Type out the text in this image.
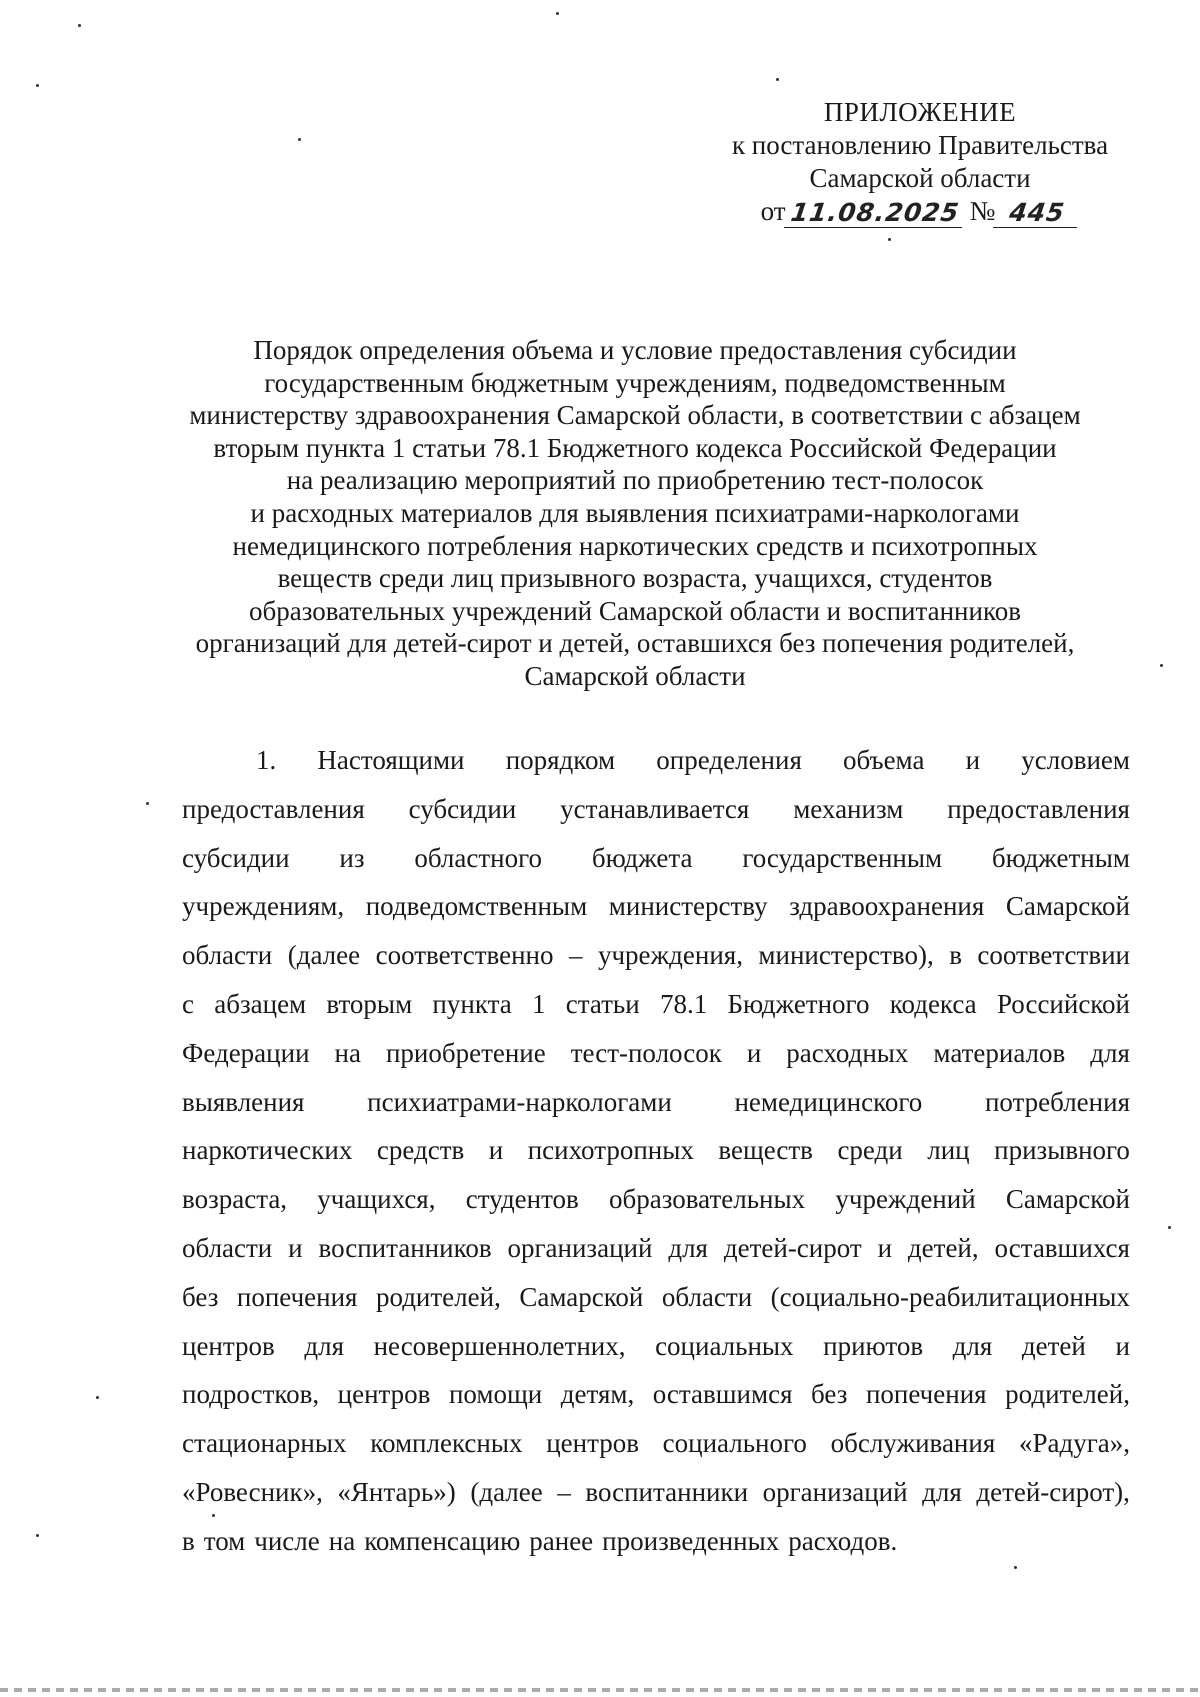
ПРИЛОЖЕНИЕ
к постановлению Правительства
Самарской области
от 11.08.2025 № 445
Порядок определения объема и условие предоставления субсидии
государственным бюджетным учреждениям, подведомственным
министерству здравоохранения Самарской области, в соответствии с абзацем
вторым пункта 1 статьи 78.1 Бюджетного кодекса Российской Федерации
на реализацию мероприятий по приобретению тест-полосок
и расходных материалов для выявления психиатрами-наркологами
немедицинского потребления наркотических средств и психотропных
веществ среди лиц призывного возраста, учащихся, студентов
образовательных учреждений Самарской области и воспитанников
организаций для детей-сирот и детей, оставшихся без попечения родителей,
Самарской области
1. Настоящими порядком определения объема и условием
предоставления субсидии устанавливается механизм предоставления
субсидии из областного бюджета государственным бюджетным
учреждениям, подведомственным министерству здравоохранения Самарской
области (далее соответственно – учреждения, министерство), в соответствии
с абзацем вторым пункта 1 статьи 78.1 Бюджетного кодекса Российской
Федерации на приобретение тест-полосок и расходных материалов для
выявления психиатрами-наркологами немедицинского потребления
наркотических средств и психотропных веществ среди лиц призывного
возраста, учащихся, студентов образовательных учреждений Самарской
области и воспитанников организаций для детей-сирот и детей, оставшихся
без попечения родителей, Самарской области (социально-реабилитационных
центров для несовершеннолетних, социальных приютов для детей и
подростков, центров помощи детям, оставшимся без попечения родителей,
стационарных комплексных центров социального обслуживания «Радуга»,
«Ровесник», «Янтарь») (далее – воспитанники организаций для детей-сирот),
в том числе на компенсацию ранее произведенных расходов.
